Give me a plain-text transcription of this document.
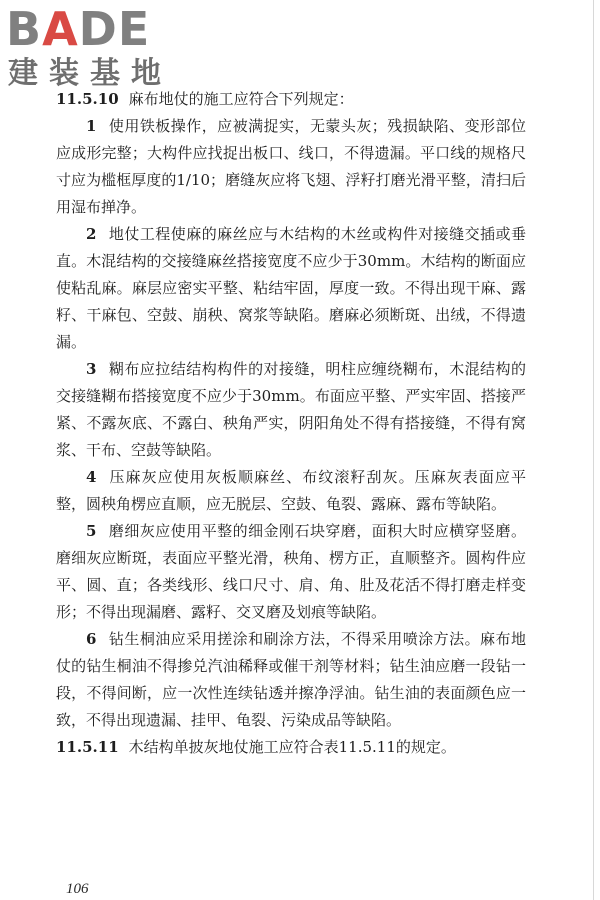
BADE
建装基地

11.5.10 麻布地仗的施工应符合下列规定：

1 使用铁板操作，应被满捉实，无蒙头灰；残损缺陷、变形部位应成形完整；大构件应找捉出板口、线口，不得遗漏。平口线的规格尺寸应为槛框厚度的1/10；磨缝灰应将飞翅、浮籽打磨光滑平整，清扫后用湿布掸净。

2 地仗工程使麻的麻丝应与木结构的木丝或构件对接缝交插或垂直。木混结构的交接缝麻丝搭接宽度不应少于30mm。木结构的断面应使粘乱麻。麻层应密实平整、粘结牢固，厚度一致。不得出现干麻、露籽、干麻包、空鼓、崩秧、窝浆等缺陷。磨麻必须断斑、出绒，不得遗漏。

3 糊布应拉结结构构件的对接缝，明柱应缠绕糊布，木混结构的交接缝糊布搭接宽度不应少于30mm。布面应平整、严实牢固、搭接严紧、不露灰底、不露白、秧角严实，阴阳角处不得有搭接缝，不得有窝浆、干布、空鼓等缺陷。

4 压麻灰应使用灰板顺麻丝、布纹滚籽刮灰。压麻灰表面应平整，圆秧角楞应直顺，应无脱层、空鼓、龟裂、露麻、露布等缺陷。

5 磨细灰应使用平整的细金刚石块穿磨，面积大时应横穿竖磨。磨细灰应断斑，表面应平整光滑，秧角、楞方正，直顺整齐。圆构件应平、圆、直；各类线形、线口尺寸、肩、角、肚及花活不得打磨走样变形；不得出现漏磨、露籽、交叉磨及划痕等缺陷。

6 钻生桐油应采用搓涂和刷涂方法，不得采用喷涂方法。麻布地仗的钻生桐油不得掺兑汽油稀释或催干剂等材料；钻生油应磨一段钻一段，不得间断，应一次性连续钻透并擦净浮油。钻生油的表面颜色应一致，不得出现遗漏、挂甲、龟裂、污染成品等缺陷。

11.5.11 木结构单披灰地仗施工应符合表11.5.11的规定。

106
